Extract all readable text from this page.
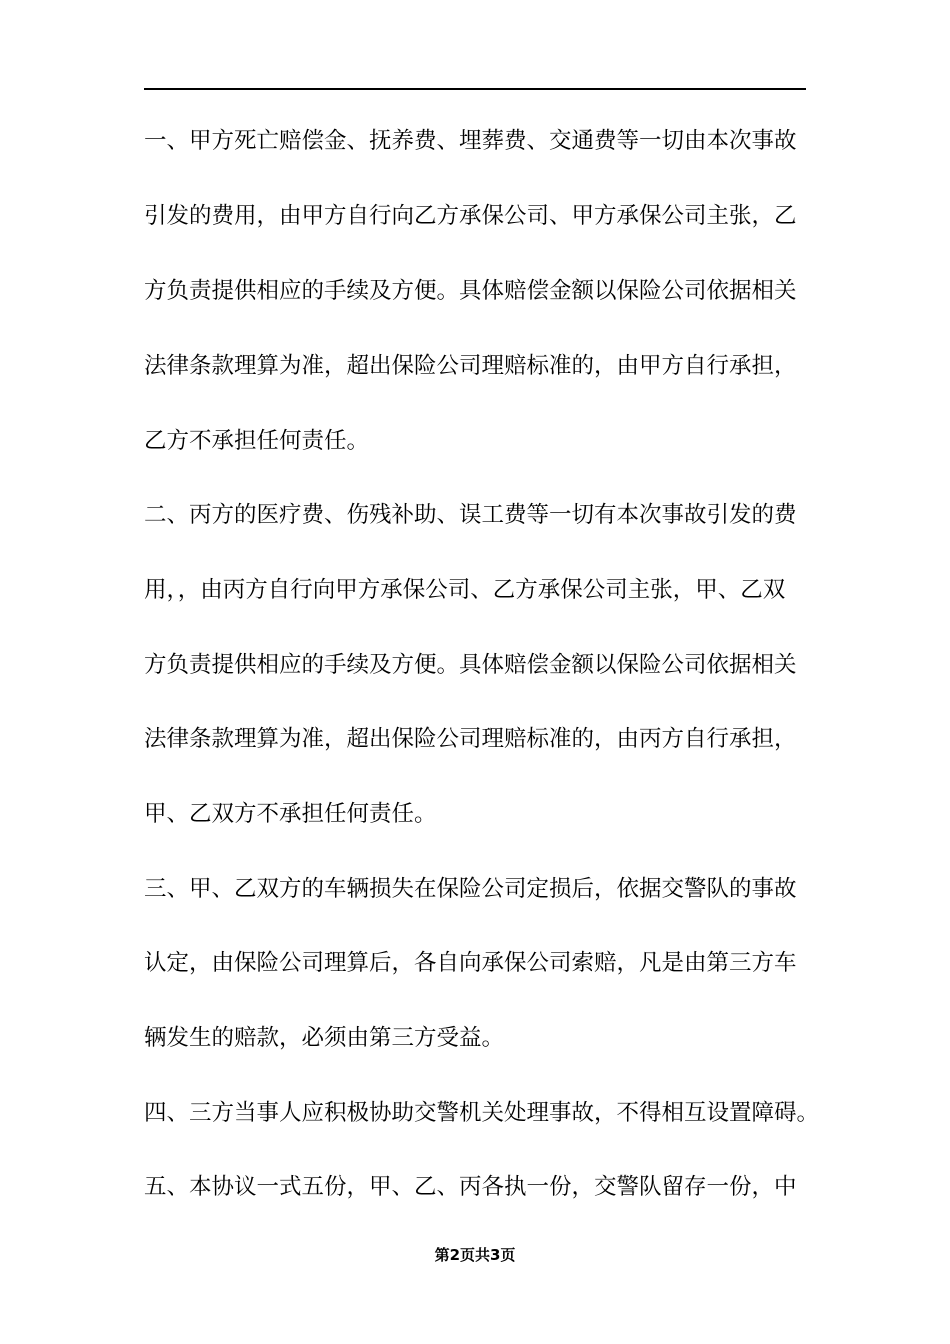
一、甲方死亡赔偿金、抚养费、埋葬费、交通费等一切由本次事故
引发的费用，由甲方自行向乙方承保公司、甲方承保公司主张，乙
方负责提供相应的手续及方便。具体赔偿金额以保险公司依据相关
法律条款理算为准，超出保险公司理赔标准的，由甲方自行承担，
乙方不承担任何责任。
二、丙方的医疗费、伤残补助、误工费等一切有本次事故引发的费
用，，由丙方自行向甲方承保公司、乙方承保公司主张，甲、乙双
方负责提供相应的手续及方便。具体赔偿金额以保险公司依据相关
法律条款理算为准，超出保险公司理赔标准的，由丙方自行承担，
甲、乙双方不承担任何责任。
三、甲、乙双方的车辆损失在保险公司定损后，依据交警队的事故
认定，由保险公司理算后，各自向承保公司索赔，凡是由第三方车
辆发生的赔款，必须由第三方受益。
四、三方当事人应积极协助交警机关处理事故，不得相互设置障碍。
五、本协议一式五份，甲、乙、丙各执一份，交警队留存一份，中
第2页共3页
